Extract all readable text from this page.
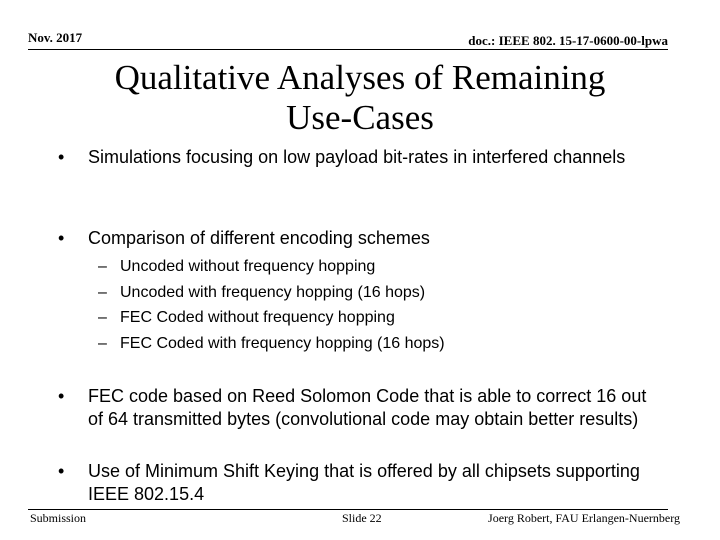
Nov. 2017	doc.: IEEE 802. 15-17-0600-00-lpwa
Qualitative Analyses of Remaining
Use-Cases
•	Simulations focusing on low payload bit-rates in interfered channels
•	Comparison of different encoding schemes
– Uncoded without frequency hopping
– Uncoded with frequency hopping (16 hops)
– FEC Coded without frequency hopping
– FEC Coded with frequency hopping (16 hops)
•	FEC code based on Reed Solomon Code that is able to correct 16 out of 64 transmitted bytes (convolutional code may obtain better results)
•	Use of Minimum Shift Keying that is offered by all chipsets supporting IEEE 802.15.4
Submission	Slide 22	Joerg Robert, FAU Erlangen-Nuernberg
